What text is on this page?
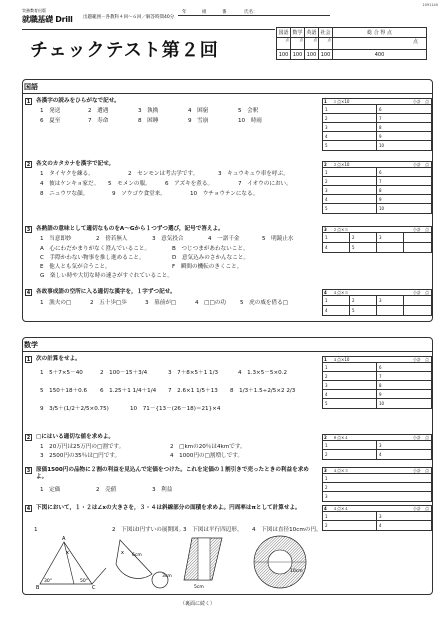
1091140
実務教育出版
就職基礎 Drill 出題範囲－各教科４回～６回／解答時間40分
チェックテスト第２回
年	組	番	氏名：
国語	数学	英語	社会	総 合 得 点
点	点	点	点	点
100	100	100	100	400
国語
1	各漢字の読みをひらがなで記せ。
1　発送	2　遭遇	3　執拗	4　困窮	5　会釈
6　夏至	7　寿命	8　困睡	9　雪崩	10　時雨
1 １点×10	小計　点
1	6
2	7
3	8
4	9
5	10
2	各文のカタカナを漢字で記せ。
1　タイヤクを練る。	2　センモンは考古学です。	3　キュウキュウ車を呼ぶ。
4　彼はケンキョ家だ。 5　モメンの服。	6　アズキを煮る。	7　イオウのにおい。
8　ニュウワな顔。	9　ソウゴウ食堂来。	10　ウチョウテンになる。
2 ２点×10	小計　点
1	6
2	7
3	8
4	9
5	10
3	各熟語の意味として適切なものをA～Gから１つずつ選び，記号で答えよ。
1　当意即妙	2　傍若無人	3　意気投合	4　一諾千金	5　明鏡止水
A　心にわだかまりがなく澄んでいること。	B　つじつまがあわないこと。
C　手際かわない物事を推し進めること。	D　意気込みのさかんなこと。
E　他人とも気が合うこと。	F　瞬間の機転のきくこと。
G　楽しい時や大切な時の速さがすぐれていること。
3 ２点×５	小計　点
1	2	3
4	5
4	各故事成語の空所に入る適切な漢字を，１字ずつ記せ。
1　漁夫の□	2　五十歩□歩	3　墓前が□	4　□□の功	5　虎の威を借る□
4 ４点×５	小計　点
1	2	3
4	5
数学
1	次の計算をせよ。
1　5＋7×5－40	2　100－15＋3/4	3　7＋8×5＋1 1/3	4　1.3×5－5×0.2
5　150＋18＋0.6 6　1.25＋1 1/4＋1/4 7　2.6×1 1/5＋13 8　1/3＋1.5÷2/5×2 2/3
9　3/5＋(1/2＋2/5×0.75)	10　71－{13－(26－18)＝21}×4
1 ４点×10	小計　点
1	6
2	7
3	8
4	9
5	10
2	□にはいる適切な値を求めよ。
1　20万円は25万円の□割です。	2　□kmの20％は4kmです。
3　2500円の35％は□円です。	4　1000円の□割増しです。
2 ８点×４	小計　点
1	3
2	4
3	原価1500円の品物に２割の利益を見込んで定価をつけた。これを定価の１割引きで売ったときの利益を求めよ。
1　定価	2　売値	3　利益
3 ４点×３	小計　点
1
2
3
4	下図において，１・２は∠xの大きさを，３・４は斜線部分の面積を求めよ。円周率はπとして計算せよ。
1	2　下図はl円すいの展開図。
3　下図は平行四辺形。 4　下図は直径10cmの円。
A
x
30°	50°
B	C
x 6cm
3cm
5cm
10cm
4 ４点×４	小計　点
1	3
2	4
（裏面に続く）
